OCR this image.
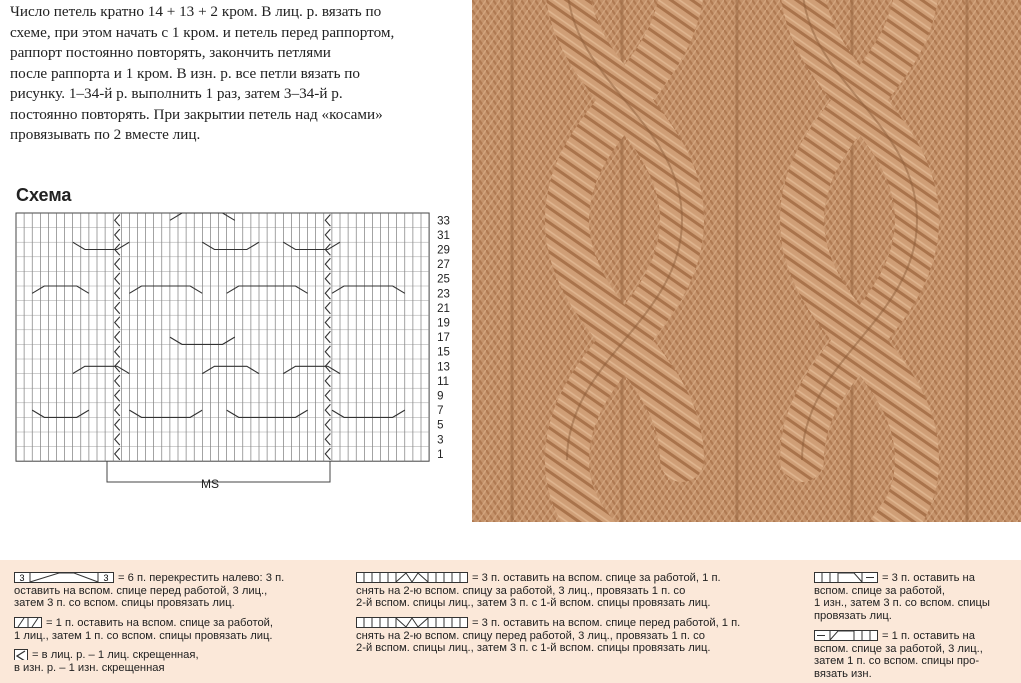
Число петель кратно 14 + 13 + 2 кром. В лиц. р. вязать по
схеме, при этом начать с 1 кром. и петель перед раппортом,
раппорт постоянно повторять, закончить петлями
после раппорта и 1 кром. В изн. р. все петли вязать по
рисунку. 1–34-й р. выполнить 1 раз, затем 3–34-й р.
постоянно повторять. При закрытии петель над «косами»
провязывать по 2 вместе лиц.

Схема
33
31
29
27
25
23
21
19
17
15
13
11
9
7
5
3
1
MS
3	3 = 6 п. перекрестить налево: 3 п.
оставить на вспом. спице перед работой, 3 лиц.,
затем 3 п. со вспом. спицы провязать лиц.
= 1 п. оставить на вспом. спице за работой,
1 лиц., затем 1 п. со вспом. спицы провязать лиц.
= в лиц. р. – 1 лиц. скрещенная,
в изн. р. – 1 изн. скрещенная
= 3 п. оставить на вспом. спице за работой, 1 п.
снять на 2-ю вспом. спицу за работой, 3 лиц., провязать 1 п. со
2-й вспом. спицы лиц., затем 3 п. с 1-й вспом. спицы провязать лиц.
= 3 п. оставить на вспом. спице перед работой, 1 п.
снять на 2-ю вспом. спицу перед работой, 3 лиц., провязать 1 п. со
2-й вспом. спицы лиц., затем 3 п. с 1-й вспом. спицы провязать лиц.
= 3 п. оставить на
вспом. спице за работой,
1 изн., затем 3 п. со вспом. спицы
провязать лиц.
= 1 п. оставить на
вспом. спице за работой, 3 лиц.,
затем 1 п. со вспом. спицы про-
вязать изн.
